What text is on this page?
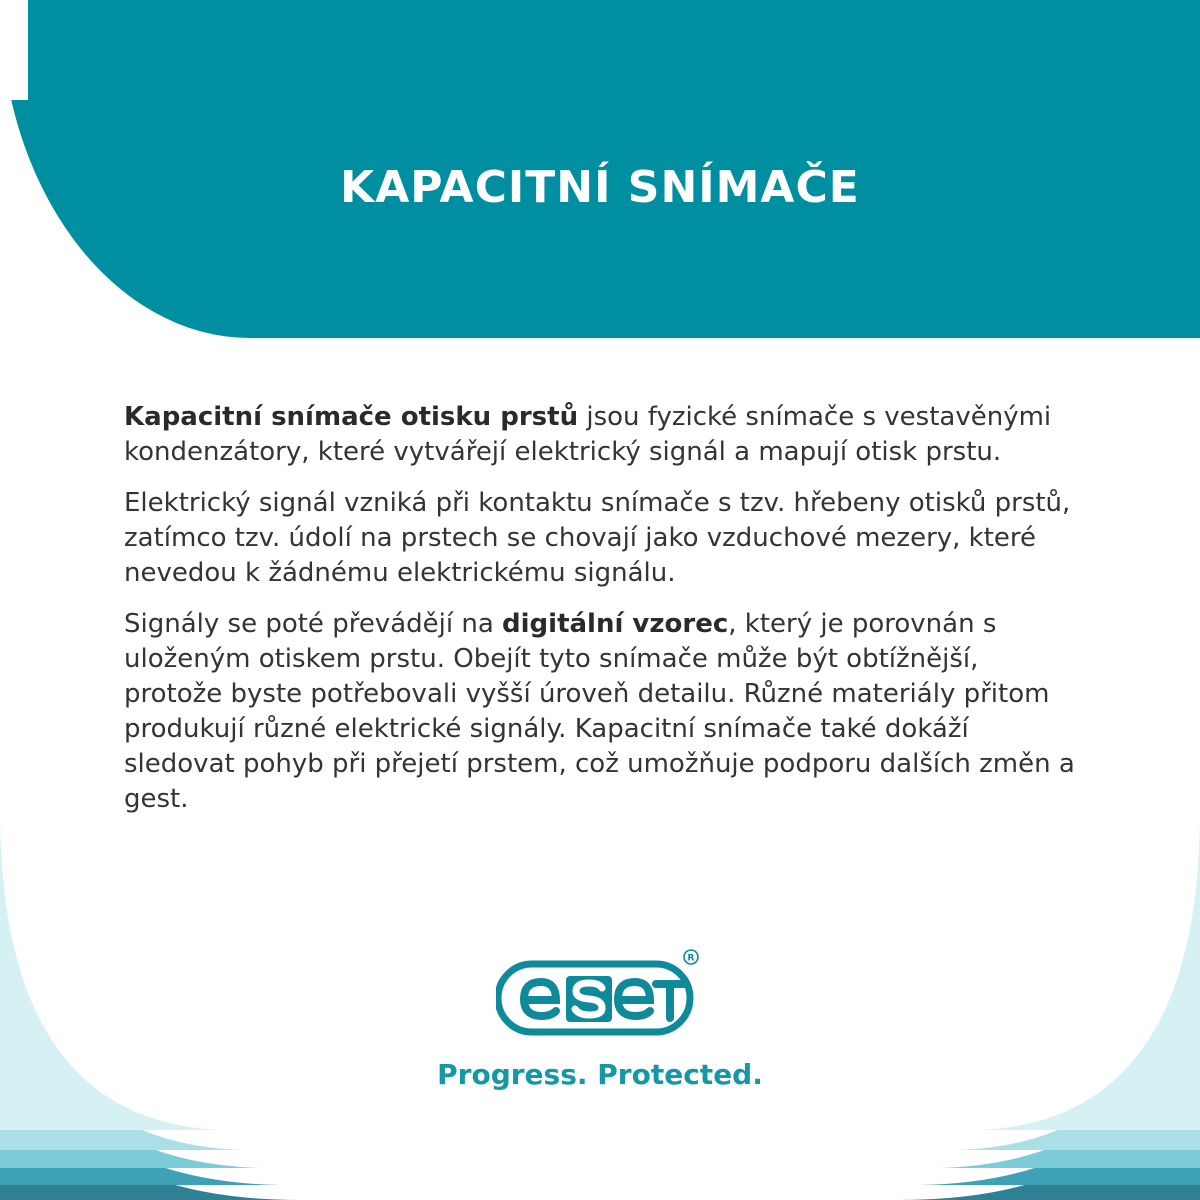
KAPACITNÍ SNÍMAČE

Kapacitní snímače otisku prstů jsou fyzické snímače s vestavěnými kondenzátory, které vytvářejí elektrický signál a mapují otisk prstu.

Elektrický signál vzniká při kontaktu snímače s tzv. hřebeny otisků prstů, zatímco tzv. údolí na prstech se chovají jako vzduchové mezery, které nevedou k žádnému elektrickému signálu.

Signály se poté převádějí na digitální vzorec, který je porovnán s uloženým otiskem prstu. Obejít tyto snímače může být obtížnější, protože byste potřebovali vyšší úroveň detailu. Různé materiály přitom produkují různé elektrické signály. Kapacitní snímače také dokáží sledovat pohyb při přejetí prstem, což umožňuje podporu dalších změn a gest.

R
Progress. Protected.
